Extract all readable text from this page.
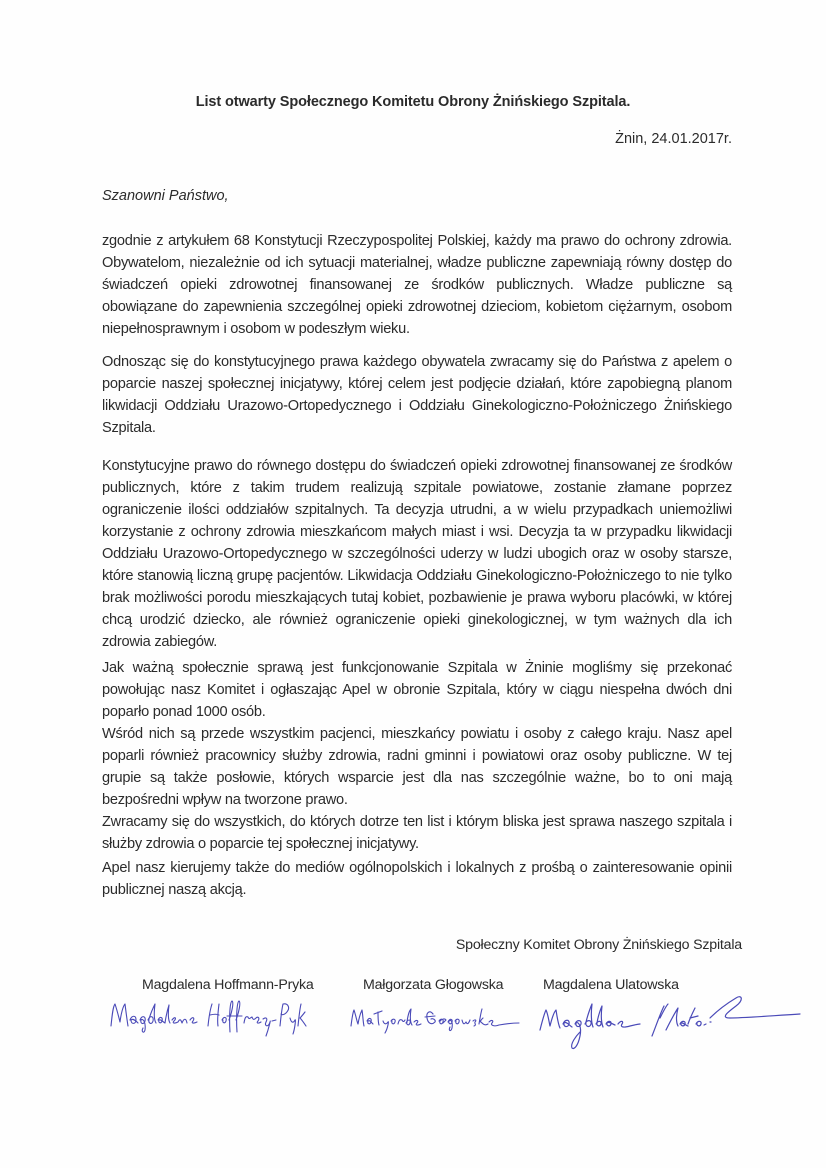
List otwarty Społecznego Komitetu Obrony Żnińskiego Szpitala.
Żnin, 24.01.2017r.
Szanowni Państwo,

zgodnie z artykułem 68 Konstytucji Rzeczypospolitej Polskiej, każdy ma prawo do ochrony zdrowia. Obywatelom, niezależnie od ich sytuacji materialnej, władze publiczne zapewniają równy dostęp do świadczeń opieki zdrowotnej finansowanej ze środków publicznych. Władze publiczne są obowiązane do zapewnienia szczególnej opieki zdrowotnej dzieciom, kobietom ciężarnym, osobom niepełnosprawnym i osobom w podeszłym wieku.

Odnosząc się do konstytucyjnego prawa każdego obywatela zwracamy się do Państwa z apelem o poparcie naszej społecznej inicjatywy, której celem jest podjęcie działań, które zapobiegną planom likwidacji Oddziału Urazowo-Ortopedycznego i Oddziału Ginekologiczno-Położniczego Żnińskiego Szpitala.

Konstytucyjne prawo do równego dostępu do świadczeń opieki zdrowotnej finansowanej ze środków publicznych, które z takim trudem realizują szpitale powiatowe, zostanie złamane poprzez ograniczenie ilości oddziałów szpitalnych. Ta decyzja utrudni, a w wielu przypadkach uniemożliwi korzystanie z ochrony zdrowia mieszkańcom małych miast i wsi. Decyzja ta w przypadku likwidacji Oddziału Urazowo-Ortopedycznego w szczególności uderzy w ludzi ubogich oraz w osoby starsze, które stanowią liczną grupę pacjentów. Likwidacja Oddziału Ginekologiczno-Położniczego to nie tylko brak możliwości porodu mieszkających tutaj kobiet, pozbawienie je prawa wyboru placówki, w której chcą urodzić dziecko, ale również ograniczenie opieki ginekologicznej, w tym ważnych dla ich zdrowia zabiegów.

Jak ważną społecznie sprawą jest funkcjonowanie Szpitala w Żninie mogliśmy się przekonać powołując nasz Komitet i ogłaszając Apel w obronie Szpitala, który w ciągu niespełna dwóch dni poparło ponad 1000 osób.

Wśród nich są przede wszystkim pacjenci, mieszkańcy powiatu i osoby z całego kraju. Nasz apel poparli również pracownicy służby zdrowia, radni gminni i powiatowi oraz osoby publiczne. W tej grupie są także posłowie, których wsparcie jest dla nas szczególnie ważne, bo to oni mają bezpośredni wpływ na tworzone prawo.

Zwracamy się do wszystkich, do których dotrze ten list i którym bliska jest sprawa naszego szpitala i służby zdrowia o poparcie tej społecznej inicjatywy.

Apel nasz kierujemy także do mediów ogólnopolskich i lokalnych z prośbą o zainteresowanie opinii publicznej naszą akcją.

Społeczny Komitet Obrony Żnińskiego Szpitala
Magdalena Hoffmann-Pryka	Małgorzata Głogowska	Magdalena Ulatowska
